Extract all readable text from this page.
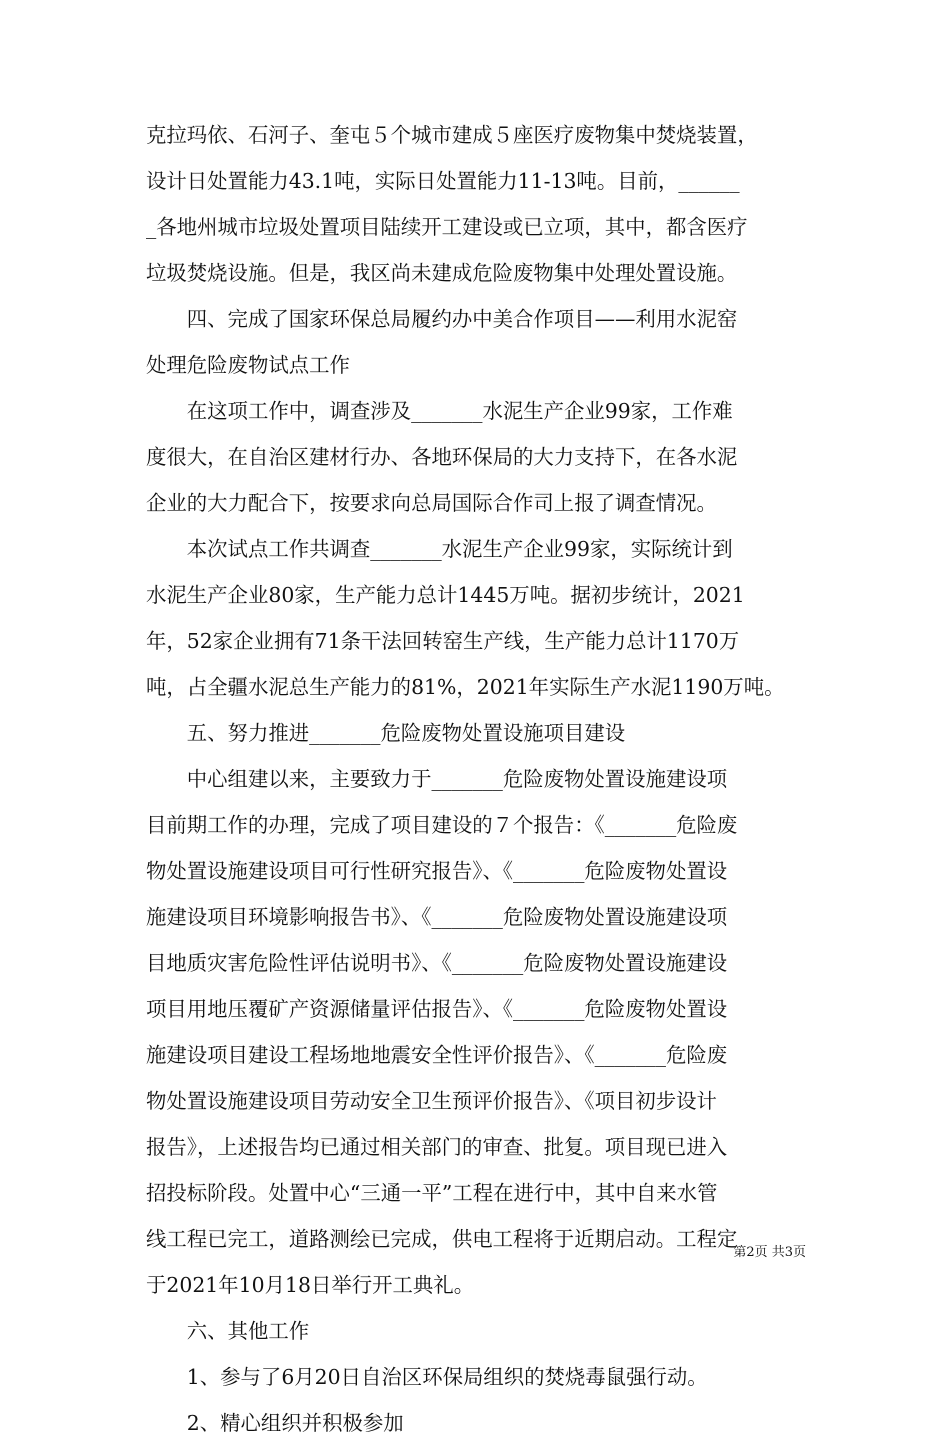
克拉玛依、石河子、奎屯５个城市建成５座医疗废物集中焚烧装置，
设计日处置能力43.1吨，实际日处置能力11-13吨。目前，______
_各地州城市垃圾处置项目陆续开工建设或已立项，其中，都含医疗
垃圾焚烧设施。但是，我区尚未建成危险废物集中处理处置设施。
　　四、完成了国家环保总局履约办中美合作项目——利用水泥窑
处理危险废物试点工作
　　在这项工作中，调查涉及_______水泥生产企业99家，工作难
度很大，在自治区建材行办、各地环保局的大力支持下，在各水泥
企业的大力配合下，按要求向总局国际合作司上报了调查情况。
　　本次试点工作共调查_______水泥生产企业99家，实际统计到
水泥生产企业80家，生产能力总计1445万吨。据初步统计，2021
年，52家企业拥有71条干法回转窑生产线，生产能力总计1170万
吨，占全疆水泥总生产能力的81%，2021年实际生产水泥1190万吨。
　　五、努力推进_______危险废物处置设施项目建设
　　中心组建以来，主要致力于_______危险废物处置设施建设项
目前期工作的办理，完成了项目建设的７个报告：《_______危险废
物处置设施建设项目可行性研究报告》、《_______危险废物处置设
施建设项目环境影响报告书》、《_______危险废物处置设施建设项
目地质灾害危险性评估说明书》、《_______危险废物处置设施建设
项目用地压覆矿产资源储量评估报告》、《_______危险废物处置设
施建设项目建设工程场地地震安全性评价报告》、《_______危险废
物处置设施建设项目劳动安全卫生预评价报告》、《项目初步设计
报告》，上述报告均已通过相关部门的审查、批复。项目现已进入
招投标阶段。处置中心“三通一平”工程在进行中，其中自来水管
线工程已完工，道路测绘已完成，供电工程将于近期启动。工程定
于2021年10月18日举行开工典礼。
　　六、其他工作
　　1、参与了6月20日自治区环保局组织的焚烧毒鼠强行动。
　　2、精心组织并积极参加
第2页 共3页
